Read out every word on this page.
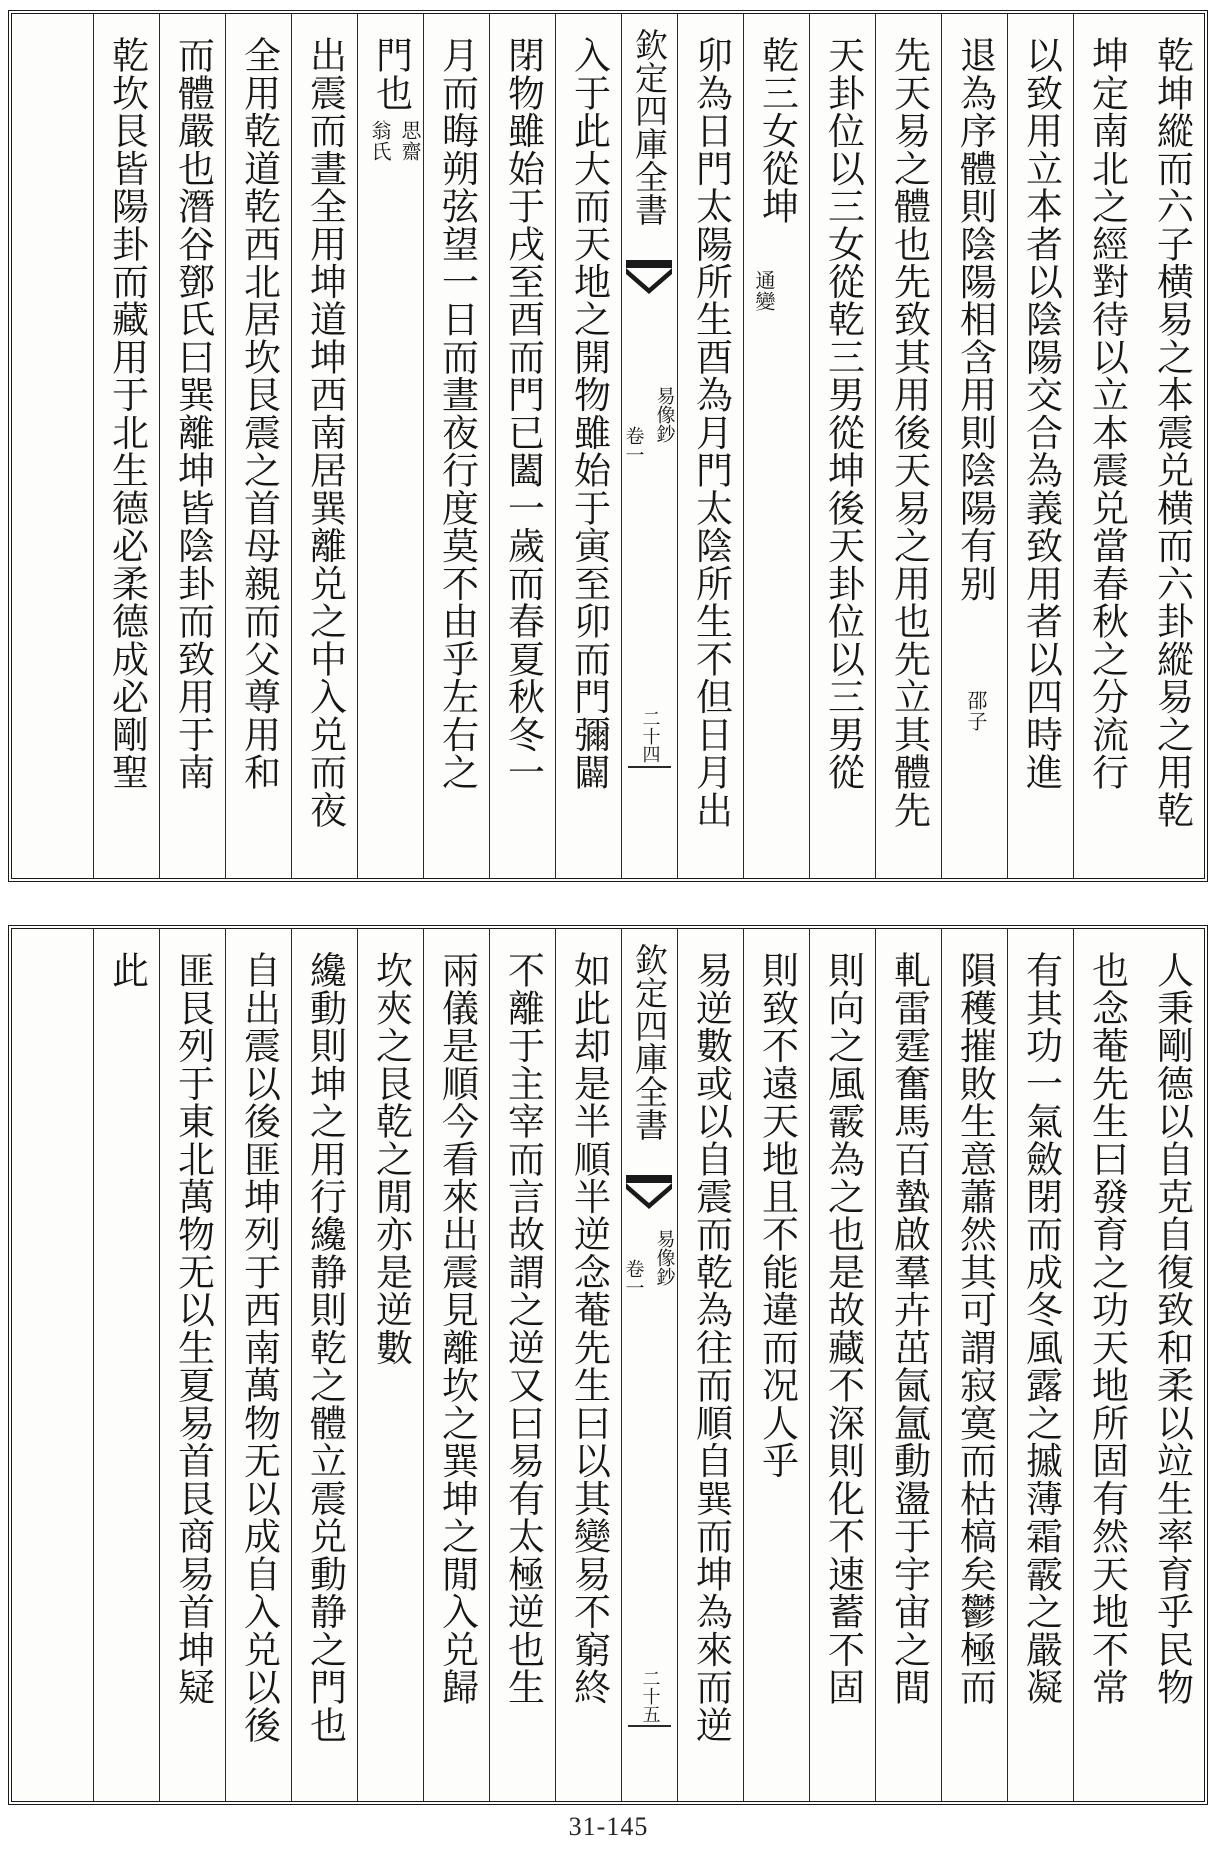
乾坤縱而六子横易之本震兑横而六卦縱易之用乾
坤定南北之經對待以立本震兑當春秋之分流行
以致用立本者以陰陽交合為義致用者以四時進
退為序體則陰陽相含用則陰陽有别
邵子
先天易之體也先致其用後天易之用也先立其體先
天卦位以三女從乾三男從坤後天卦位以三男從
乾三女從坤
通變
卯為日門太陽所生酉為月門太陰所生不但日月出
欽定四庫全書
易像鈔
卷一
二十四
入于此大而天地之開物雖始于寅至卯而門彌闢
閉物雖始于戌至酉而門已闔一歲而春夏秋冬一
月而晦朔弦望一日而晝夜行度莫不由乎左右之
門也
思齋
翁氏
出震而晝全用坤道坤西南居巽離兑之中入兑而夜
全用乾道乾西北居坎艮震之首母親而父尊用和
而體嚴也潛谷鄧氏曰巽離坤皆陰卦而致用于南
乾坎艮皆陽卦而藏用于北生德必柔德成必剛聖
人秉剛德以自克自復致和柔以竝生率育乎民物
也念菴先生曰發育之功天地所固有然天地不常
有其功一氣斂閉而成冬風露之摵薄霜霰之嚴凝
隕穫摧敗生意蕭然其可謂寂寞而枯槁矣鬱極而
軋雷霆奮馬百蟄啟羣卉茁氤氲動盪于宇宙之間
則向之風霰為之也是故藏不深則化不速蓄不固
則致不遠天地且不能違而况人乎
易逆數或以自震而乾為往而順自巽而坤為來而逆
欽定四庫全書
易像鈔
卷一
二十五
如此却是半順半逆念菴先生曰以其變易不窮終
不離于主宰而言故謂之逆又曰易有太極逆也生
兩儀是順今看來出震見離坎之巽坤之閒入兑歸
坎夾之艮乾之閒亦是逆數
纔動則坤之用行纔静則乾之體立震兑動静之門也
自出震以後匪坤列于西南萬物无以成自入兑以後
匪艮列于東北萬物无以生夏易首艮商易首坤疑
此
31-145
